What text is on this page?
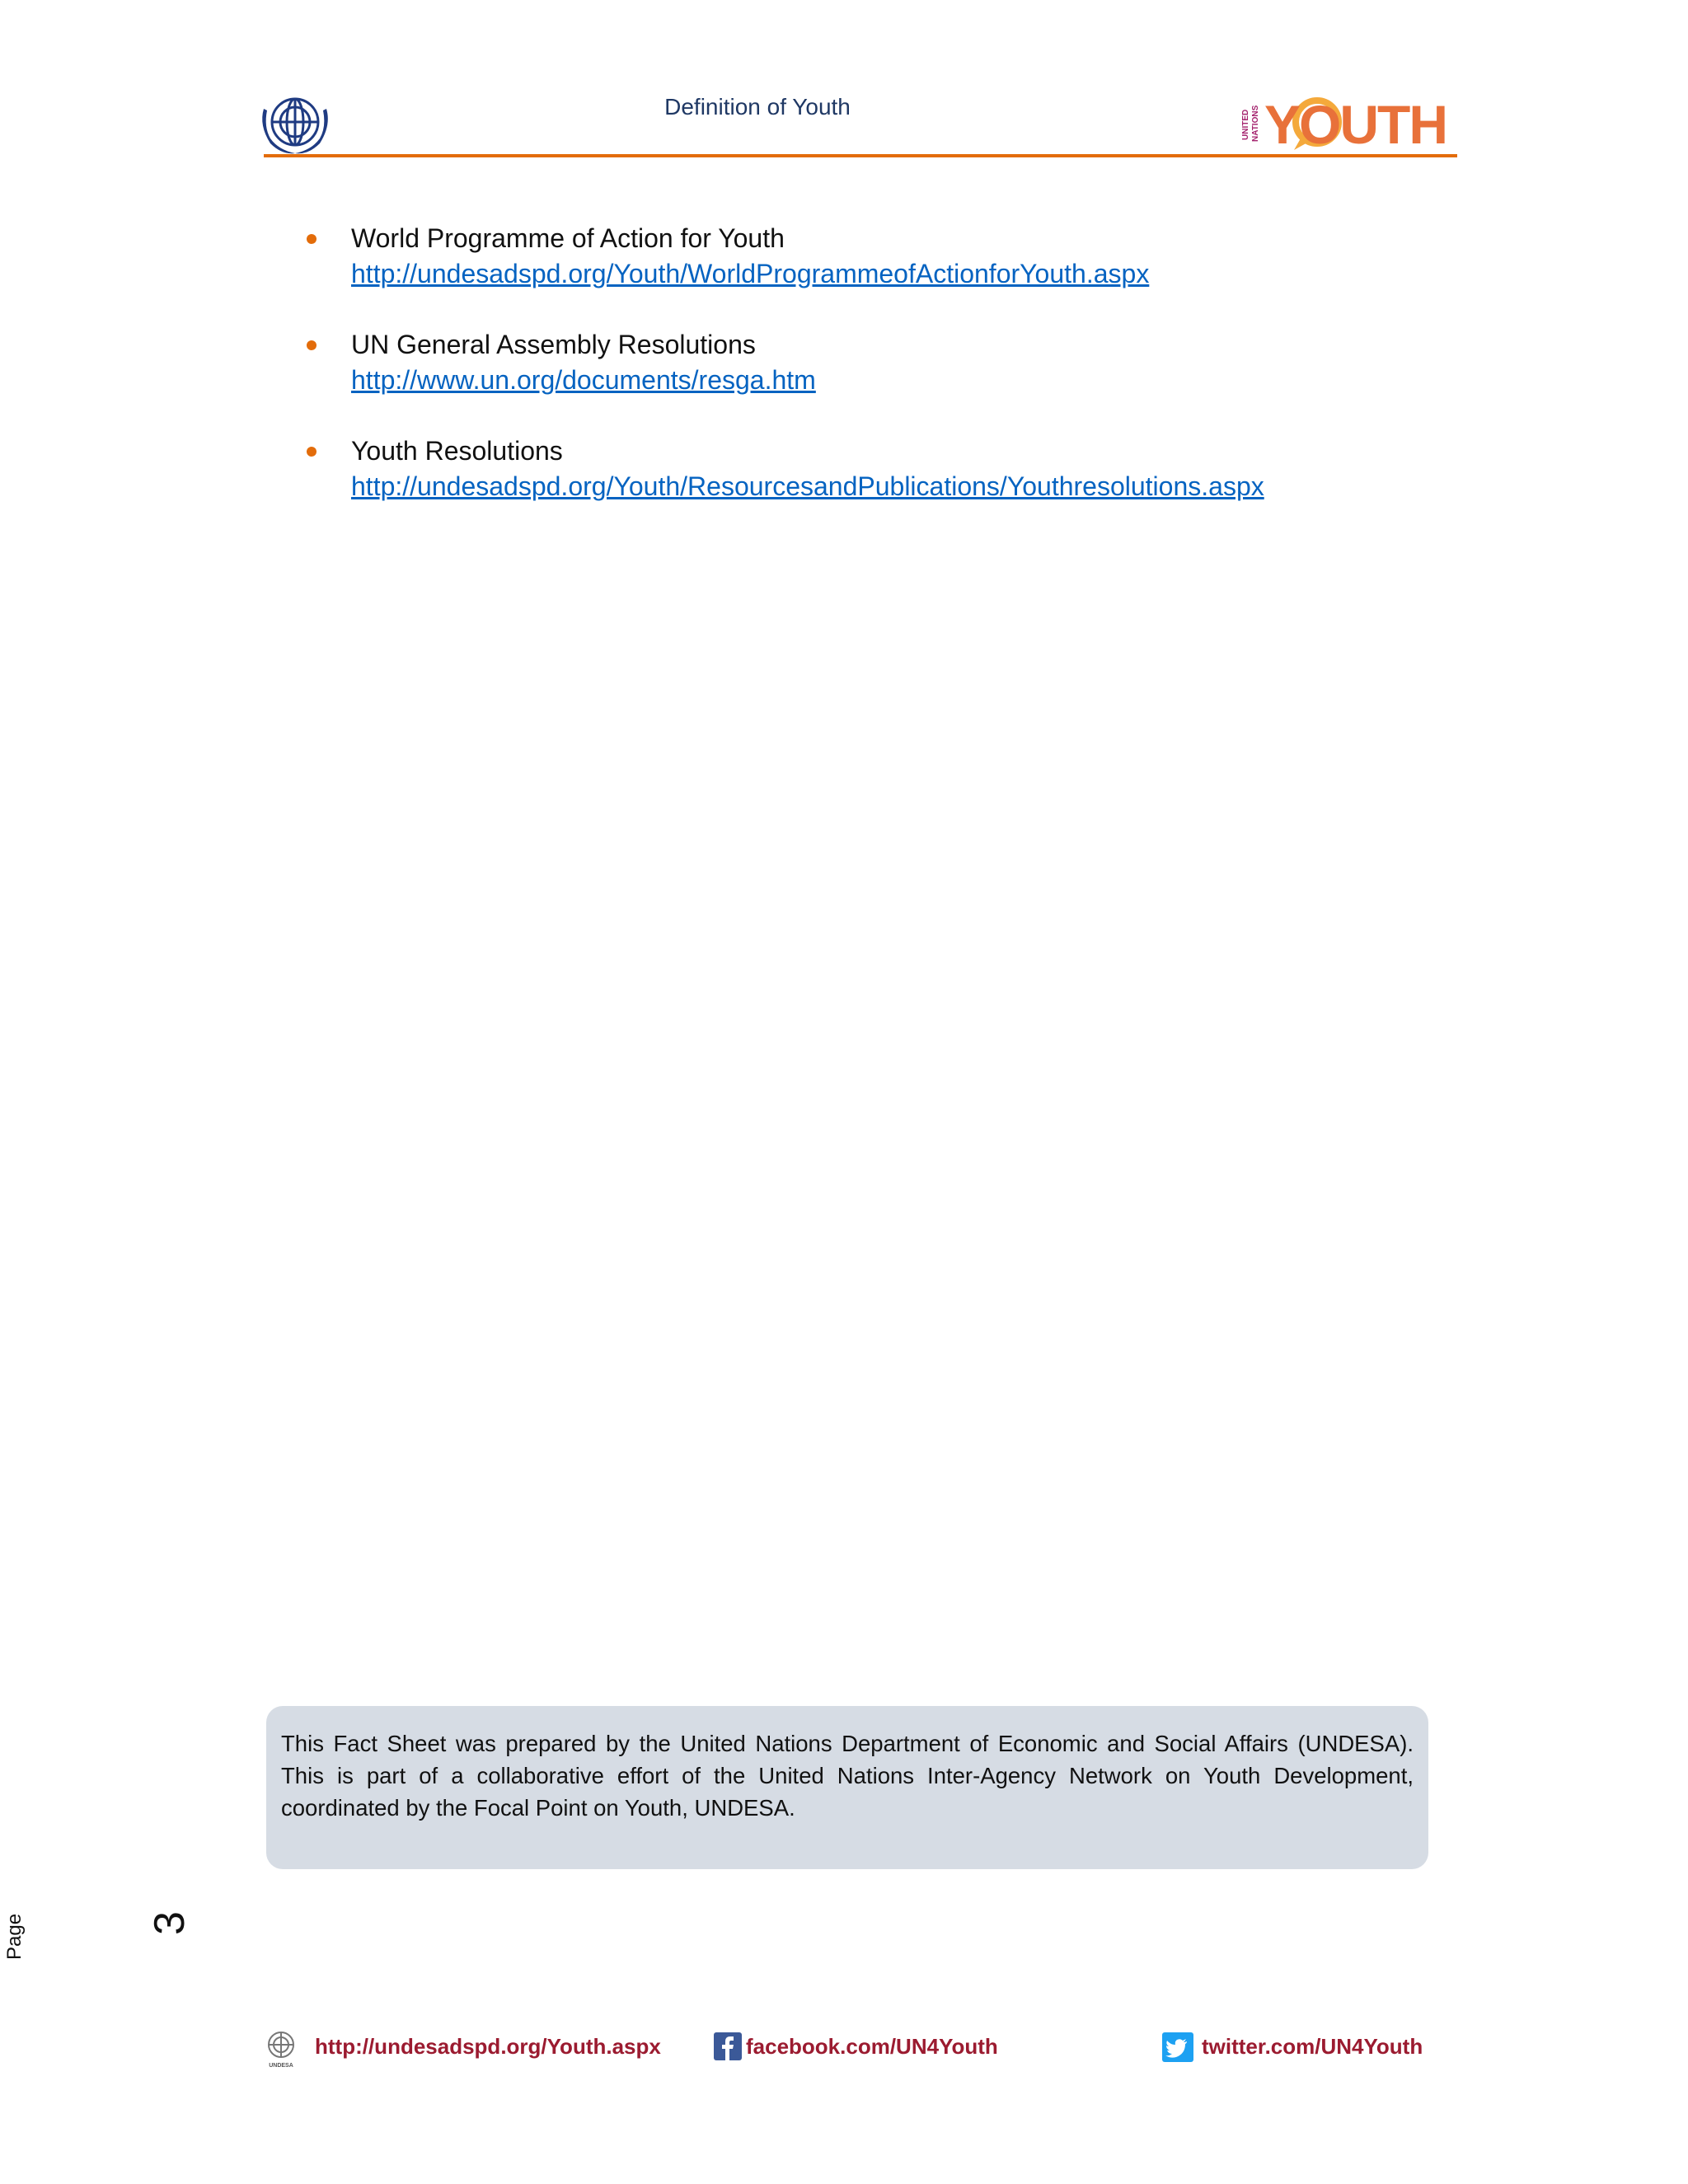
Definition of Youth
UNITED NATIONS YOUTH
World Programme of Action for Youth
http://undesadspd.org/Youth/WorldProgrammeofActionforYouth.aspx
UN General Assembly Resolutions
http://www.un.org/documents/resga.htm
Youth Resolutions
http://undesadspd.org/Youth/ResourcesandPublications/Youthresolutions.aspx

This Fact Sheet was prepared by the United Nations Department of Economic and Social Affairs (UNDESA). This is part of a collaborative effort of the United Nations Inter-Agency Network on Youth Development, coordinated by the Focal Point on Youth, UNDESA.

Page	3
UNDESA
http://undesadspd.org/Youth.aspx	facebook.com/UN4Youth	twitter.com/UN4Youth
